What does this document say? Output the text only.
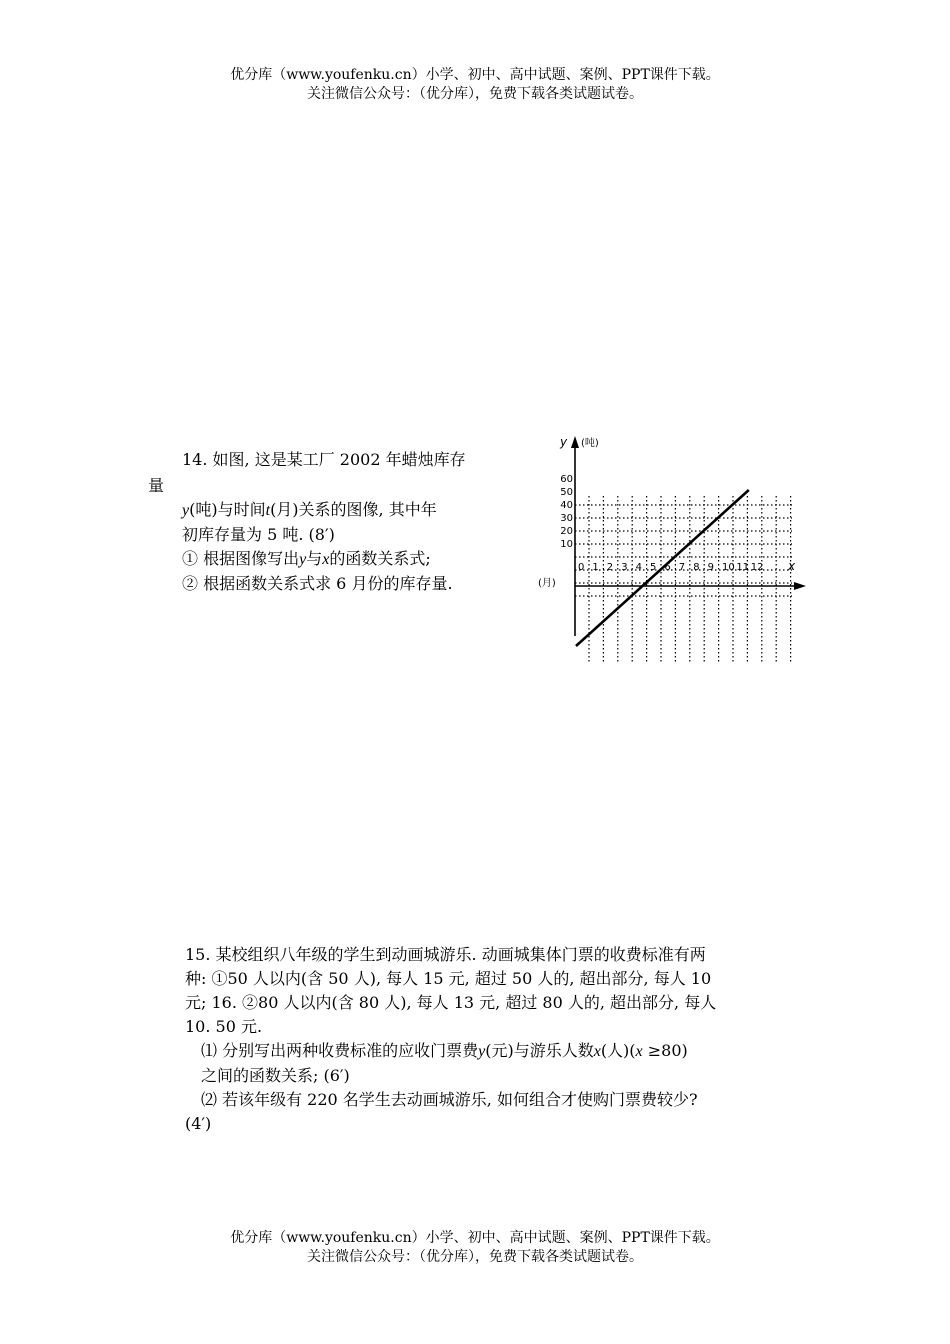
优分库（www.youfenku.cn）小学、初中、高中试题、案例、PPT课件下载。
关注微信公众号：（优分库），免费下载各类试题试卷。
14. 如图, 这是某工厂 2002 年蜡烛库存
量
y(吨)与时间t(月)关系的图像, 其中年
初库存量为 5 吨. (8′)
① 根据图像写出y与x的函数关系式;
② 根据函数关系式求 6 月份的库存量.
60
50
40
30
20
10
0 1 2 3 4 5 6 7 8 9 10 11 12
y (吨)
x
(月)
15. 某校组织八年级的学生到动画城游乐. 动画城集体门票的收费标准有两
种: ①50 人以内(含 50 人), 每人 15 元, 超过 50 人的, 超出部分, 每人 10
元; 16. ②80 人以内(含 80 人), 每人 13 元, 超过 80 人的, 超出部分, 每人
10. 50 元.
⑴ 分别写出两种收费标准的应收门票费y(元)与游乐人数x(人)(x ≥80)
之间的函数关系; (6′)
⑵ 若该年级有 220 名学生去动画城游乐, 如何组合才使购门票费较少?
(4′)
优分库（www.youfenku.cn）小学、初中、高中试题、案例、PPT课件下载。
关注微信公众号：（优分库），免费下载各类试题试卷。
